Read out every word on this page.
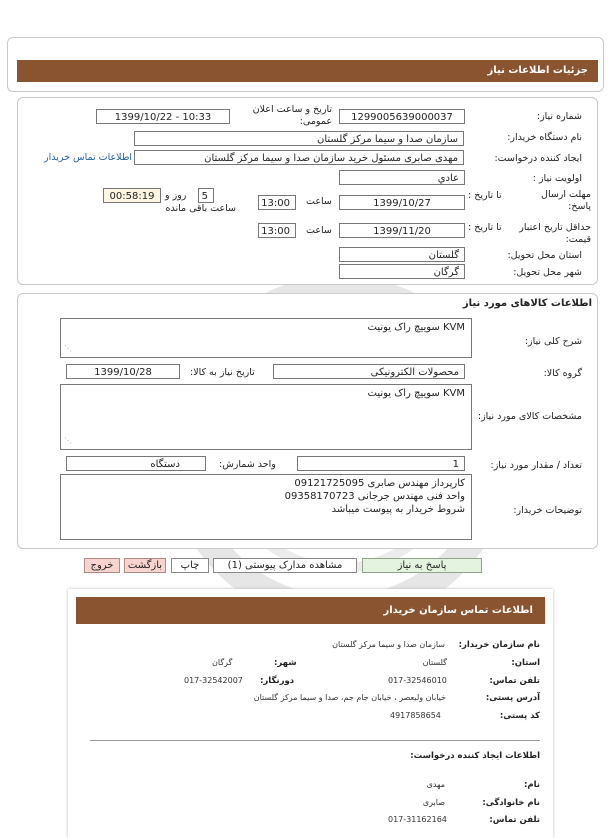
جزئیات اطلاعات نیاز
شماره نیاز:
1299005639000037
تاریخ و ساعت اعلان عمومی:
1399/10/22 - 10:33
نام دستگاه خریدار:
سازمان صدا و سیما مرکز گلستان
ایجاد کننده درخواست:
مهدی صابری مسئول خرید سازمان صدا و سیما مرکز گلستان
اطلاعات تماس خریدار
اولویت نیاز :
عادي
مهلت ارسال پاسخ:
تا تاریخ :
1399/10/27
ساعت
13:00
5
روز و
00:58:19
ساعت باقی مانده
حداقل تاریخ اعتبار قیمت:
تا تاریخ :
1399/11/20
ساعت
13:00
استان محل تحویل:
گلستان
شهر محل تحویل:
گرگان
اطلاعات کالاهای مورد نیاز
شرح کلی نیاز:
KVM سوییچ راک یونیت
⋰
گروه کالا:
محصولات الکترونیکی
تاریخ نیاز به کالا:
1399/10/28
مشخصات کالای مورد نیاز:
KVM سوییچ راک یونیت
⋰
تعداد / مقدار مورد نیاز:
1
واحد شمارش:
دستگاه
توضیحات خریدار:
کارپرداز مهندس صابری 09121725095
واحد فنی مهندس جرجانی 09358170723
شروط خریدار به پیوست میباشد
پاسخ به نیاز
مشاهده مدارک پیوستی (1)
چاپ
بازگشت
خروج
اطلاعات تماس سازمان خریدار
نام سازمان خریدار:
سازمان صدا و سیما مرکز گلستان
استان:
گلستان
شهر:
گرگان
تلفن تماس:
017-32546010
دورنگار:
017-32542007
آدرس پستی:
خیابان ولیعصر ، خیابان جام جم، صدا و سیما مرکز گلستان
کد پستی:
4917858654
اطلاعات ایجاد کننده درخواست:
نام:
مهدی
نام خانوادگی:
صابری
تلفن تماس:
017-31162164
